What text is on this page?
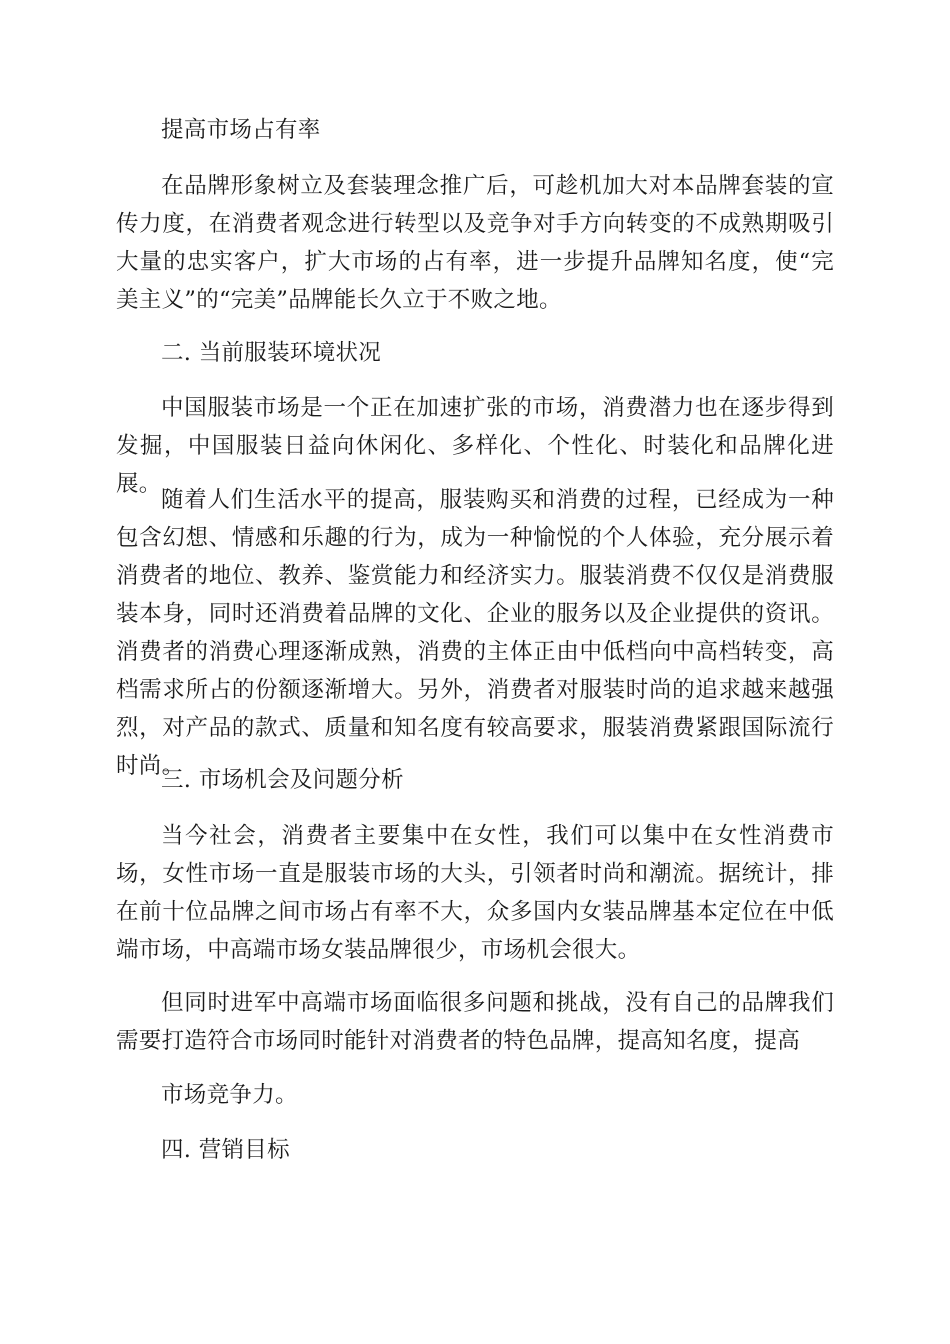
提高市场占有率
在品牌形象树立及套装理念推广后，可趁机加大对本品牌套装的宣传力度，在消费者观念进行转型以及竞争对手方向转变的不成熟期吸引大量的忠实客户，扩大市场的占有率，进一步提升品牌知名度，使“完美主义”的“完美”品牌能长久立于不败之地。
二. 当前服装环境状况
中国服装市场是一个正在加速扩张的市场，消费潜力也在逐步得到发掘，中国服装日益向休闲化、多样化、个性化、时装化和品牌化进展。
随着人们生活水平的提高，服装购买和消费的过程，已经成为一种包含幻想、情感和乐趣的行为，成为一种愉悦的个人体验，充分展示着消费者的地位、教养、鉴赏能力和经济实力。服装消费不仅仅是消费服装本身，同时还消费着品牌的文化、企业的服务以及企业提供的资讯。消费者的消费心理逐渐成熟，消费的主体正由中低档向中高档转变，高档需求所占的份额逐渐增大。另外，消费者对服装时尚的追求越来越强烈，对产品的款式、质量和知名度有较高要求，服装消费紧跟国际流行时尚。
三. 市场机会及问题分析
当今社会，消费者主要集中在女性，我们可以集中在女性消费市场，女性市场一直是服装市场的大头，引领者时尚和潮流。据统计，排在前十位品牌之间市场占有率不大，众多国内女装品牌基本定位在中低端市场，中高端市场女装品牌很少，市场机会很大。
但同时进军中高端市场面临很多问题和挑战，没有自己的品牌我们需要打造符合市场同时能针对消费者的特色品牌，提高知名度，提高
市场竞争力。
四. 营销目标
